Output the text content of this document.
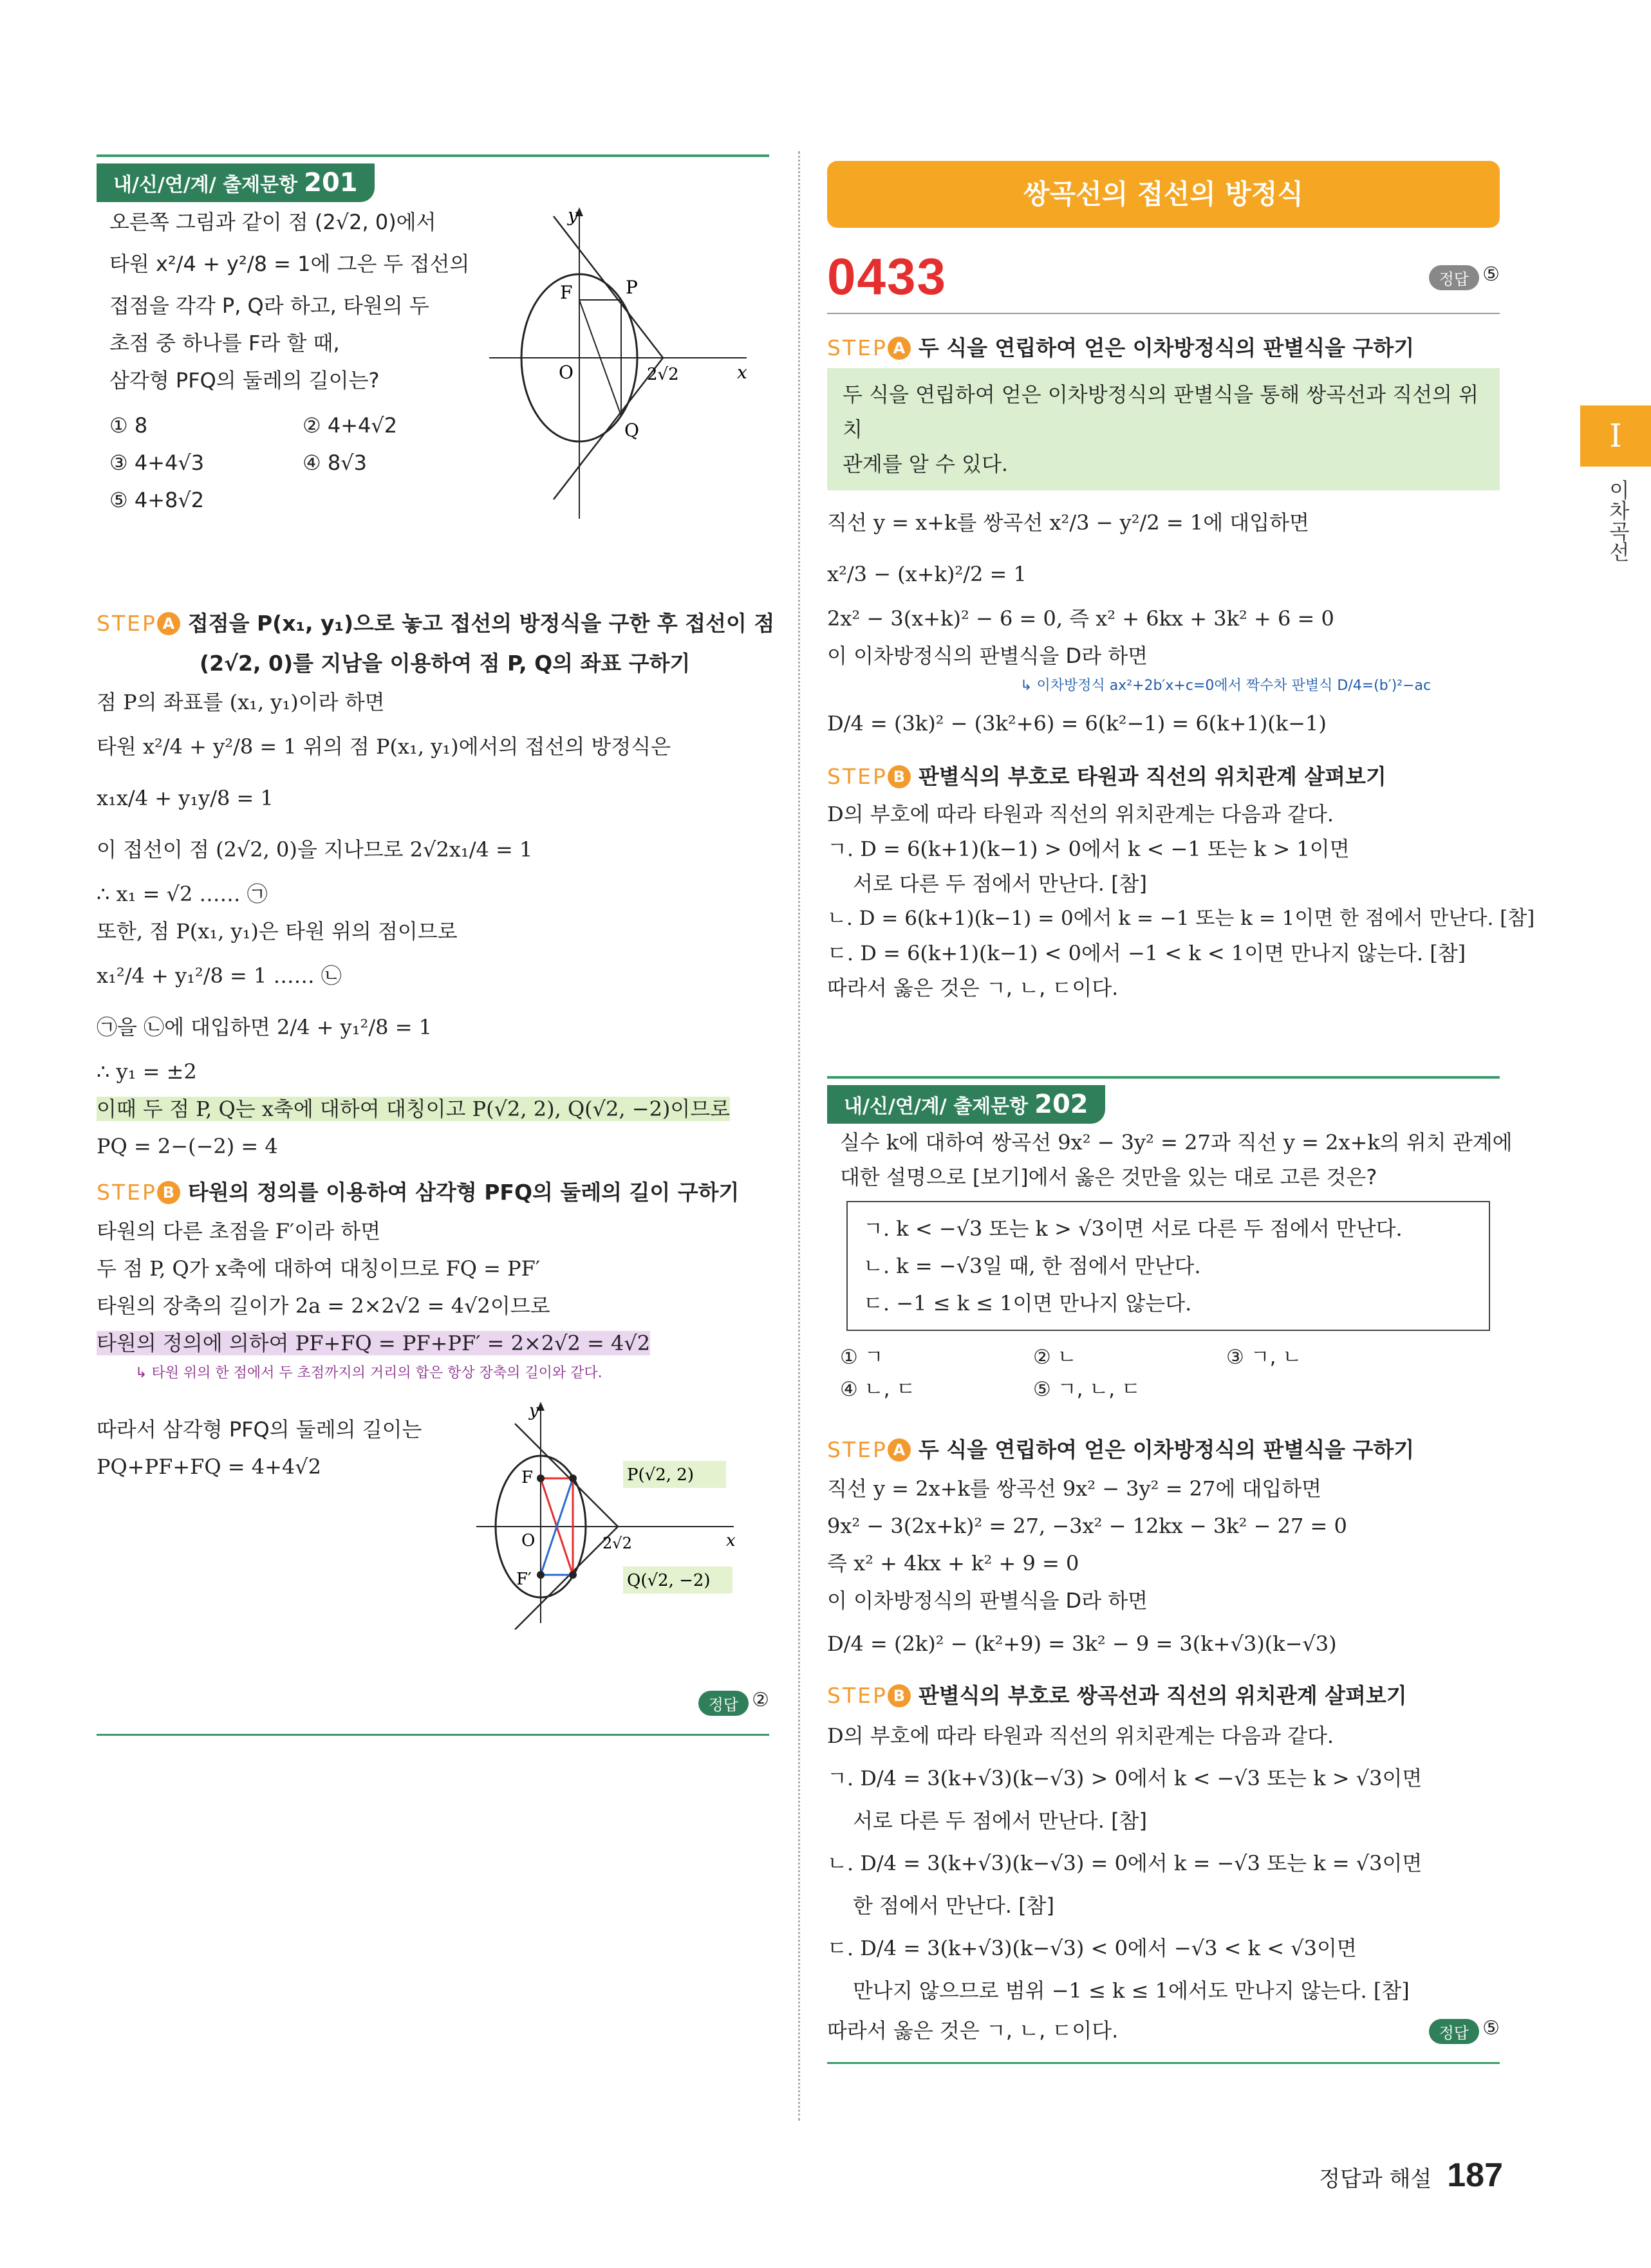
내/신/연/계/ 출제문항 201
오른쪽 그림과 같이 점 (2√2, 0)에서
타원 x²/4 + y²/8 = 1에 그은 두 접선의
접점을 각각 P, Q라 하고, 타원의 두
초점 중 하나를 F라 할 때,
삼각형 PFQ의 둘레의 길이는?
① 8	② 4+4√2
③ 4+4√3	④ 8√3
⑤ 4+8√2
y
x
O
F	P
Q
2√2
STEP A 접점을 P(x₁, y₁)으로 놓고 접선의 방정식을 구한 후 접선이 점
(2√2, 0)를 지남을 이용하여 점 P, Q의 좌표 구하기
점 P의 좌표를 (x₁, y₁)이라 하면
타원 x²/4 + y²/8 = 1 위의 점 P(x₁, y₁)에서의 접선의 방정식은
x₁x/4 + y₁y/8 = 1
이 접선이 점 (2√2, 0)을 지나므로 2√2x₁/4 = 1
∴ x₁ = √2 …… ㉠
또한, 점 P(x₁, y₁)은 타원 위의 점이므로
x₁²/4 + y₁²/8 = 1 …… ㉡
㉠을 ㉡에 대입하면 2/4 + y₁²/8 = 1
∴ y₁ = ±2
이때 두 점 P, Q는 x축에 대하여 대칭이고 P(√2, 2), Q(√2, −2)이므로
PQ = 2−(−2) = 4
STEP B 타원의 정의를 이용하여 삼각형 PFQ의 둘레의 길이 구하기
타원의 다른 초점을 F′이라 하면
두 점 P, Q가 x축에 대하여 대칭이므로 FQ = PF′
타원의 장축의 길이가 2a = 2×2√2 = 4√2이므로
타원의 정의에 의하여 PF+FQ = PF+PF′ = 2×2√2 = 4√2
↳ 타원 위의 한 점에서 두 초점까지의 거리의 합은 항상 장축의 길이와 같다.
따라서 삼각형 PFQ의 둘레의 길이는
PQ+PF+FQ = 4+4√2
y
x
O
F
F′
2√2
P(√2, 2)
Q(√2, −2)
정답 ②
쌍곡선의 접선의 방정식
0433	정답 ⑤
STEP A 두 식을 연립하여 얻은 이차방정식의 판별식을 구하기
두 식을 연립하여 얻은 이차방정식의 판별식을 통해 쌍곡선과 직선의 위치
관계를 알 수 있다.
직선 y = x+k를 쌍곡선 x²/3 − y²/2 = 1에 대입하면
x²/3 − (x+k)²/2 = 1
2x² − 3(x+k)² − 6 = 0, 즉 x² + 6kx + 3k² + 6 = 0
이 이차방정식의 판별식을 D라 하면
↳ 이차방정식 ax²+2b′x+c=0에서 짝수차 판별식 D/4=(b′)²−ac
D/4 = (3k)² − (3k²+6) = 6(k²−1) = 6(k+1)(k−1)
STEP B 판별식의 부호로 타원과 직선의 위치관계 살펴보기
D의 부호에 따라 타원과 직선의 위치관계는 다음과 같다.
ㄱ. D = 6(k+1)(k−1) > 0에서 k < −1 또는 k > 1이면
서로 다른 두 점에서 만난다. [참]
ㄴ. D = 6(k+1)(k−1) = 0에서 k = −1 또는 k = 1이면 한 점에서 만난다. [참]
ㄷ. D = 6(k+1)(k−1) < 0에서 −1 < k < 1이면 만나지 않는다. [참]
따라서 옳은 것은 ㄱ, ㄴ, ㄷ이다.
내/신/연/계/ 출제문항 202
실수 k에 대하여 쌍곡선 9x² − 3y² = 27과 직선 y = 2x+k의 위치 관계에
대한 설명으로 [보기]에서 옳은 것만을 있는 대로 고른 것은?
ㄱ. k < −√3 또는 k > √3이면 서로 다른 두 점에서 만난다.
ㄴ. k = −√3일 때, 한 점에서 만난다.
ㄷ. −1 ≤ k ≤ 1이면 만나지 않는다.
① ㄱ	② ㄴ	③ ㄱ, ㄴ
④ ㄴ, ㄷ	⑤ ㄱ, ㄴ, ㄷ
STEP A 두 식을 연립하여 얻은 이차방정식의 판별식을 구하기
직선 y = 2x+k를 쌍곡선 9x² − 3y² = 27에 대입하면
9x² − 3(2x+k)² = 27, −3x² − 12kx − 3k² − 27 = 0
즉 x² + 4kx + k² + 9 = 0
이 이차방정식의 판별식을 D라 하면
D/4 = (2k)² − (k²+9) = 3k² − 9 = 3(k+√3)(k−√3)
STEP B 판별식의 부호로 쌍곡선과 직선의 위치관계 살펴보기
D의 부호에 따라 타원과 직선의 위치관계는 다음과 같다.
ㄱ. D/4 = 3(k+√3)(k−√3) > 0에서 k < −√3 또는 k > √3이면
서로 다른 두 점에서 만난다. [참]
ㄴ. D/4 = 3(k+√3)(k−√3) = 0에서 k = −√3 또는 k = √3이면
한 점에서 만난다. [참]
ㄷ. D/4 = 3(k+√3)(k−√3) < 0에서 −√3 < k < √3이면
만나지 않으므로 범위 −1 ≤ k ≤ 1에서도 만나지 않는다. [참]
따라서 옳은 것은 ㄱ, ㄴ, ㄷ이다.	정답 ⑤
I
이차곡선
정답과 해설 187
